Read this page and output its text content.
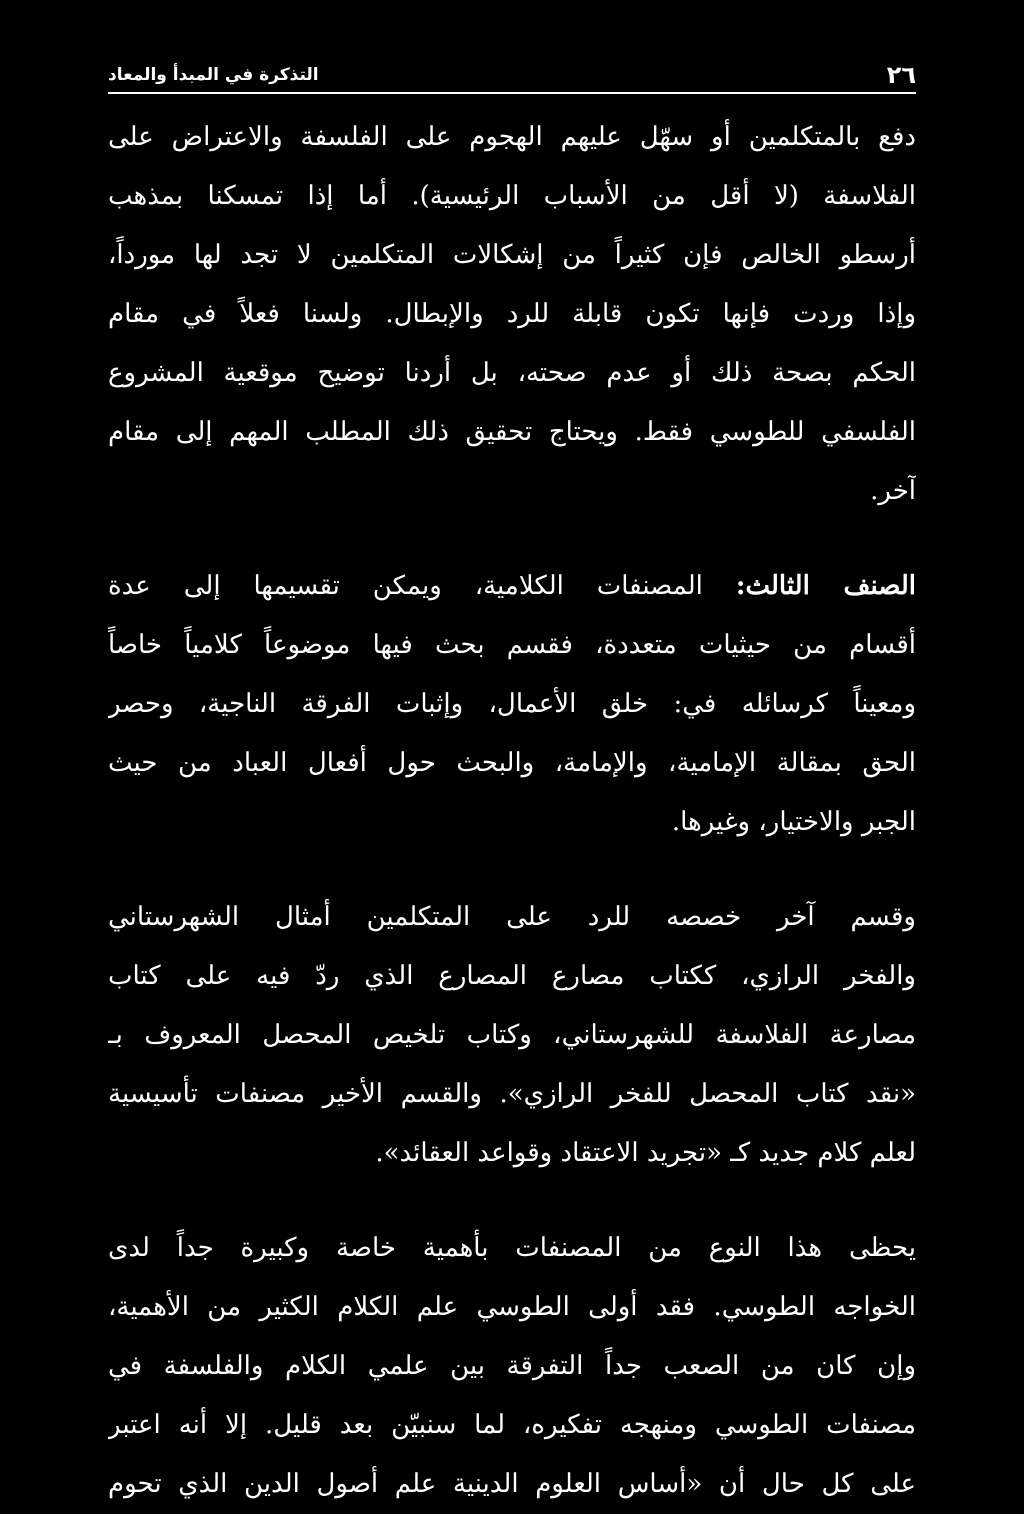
٢٦
التذكرة في المبدأ والمعاد
دفع بالمتكلمين أو سهّل عليهم الهجوم على الفلسفة والاعتراض على
الفلاسفة (لا أقل من الأسباب الرئيسية). أما إذا تمسكنا بمذهب
أرسطو الخالص فإن كثيراً من إشكالات المتكلمين لا تجد لها مورداً،
وإذا وردت فإنها تكون قابلة للرد والإبطال. ولسنا فعلاً في مقام
الحكم بصحة ذلك أو عدم صحته، بل أردنا توضيح موقعية المشروع
الفلسفي للطوسي فقط. ويحتاج تحقيق ذلك المطلب المهم إلى مقام
آخر.
الصنف الثالث: المصنفات الكلامية، ويمكن تقسيمها إلى عدة
أقسام من حيثيات متعددة، فقسم بحث فيها موضوعاً كلامياً خاصاً
ومعيناً كرسائله في: خلق الأعمال، وإثبات الفرقة الناجية، وحصر
الحق بمقالة الإمامية، والإمامة، والبحث حول أفعال العباد من حيث
الجبر والاختيار، وغيرها.
وقسم آخر خصصه للرد على المتكلمين أمثال الشهرستاني
والفخر الرازي، ككتاب مصارع المصارع الذي ردّ فيه على كتاب
مصارعة الفلاسفة للشهرستاني، وكتاب تلخيص المحصل المعروف بـ
«نقد كتاب المحصل للفخر الرازي». والقسم الأخير مصنفات تأسيسية
لعلم كلام جديد كـ «تجريد الاعتقاد وقواعد العقائد».
يحظى هذا النوع من المصنفات بأهمية خاصة وكبيرة جداً لدى
الخواجه الطوسي. فقد أولى الطوسي علم الكلام الكثير من الأهمية،
وإن كان من الصعب جداً التفرقة بين علمي الكلام والفلسفة في
مصنفات الطوسي ومنهجه تفكيره، لما سنبيّن بعد قليل. إلا أنه اعتبر
على كل حال أن «أساس العلوم الدينية علم أصول الدين الذي تحوم
